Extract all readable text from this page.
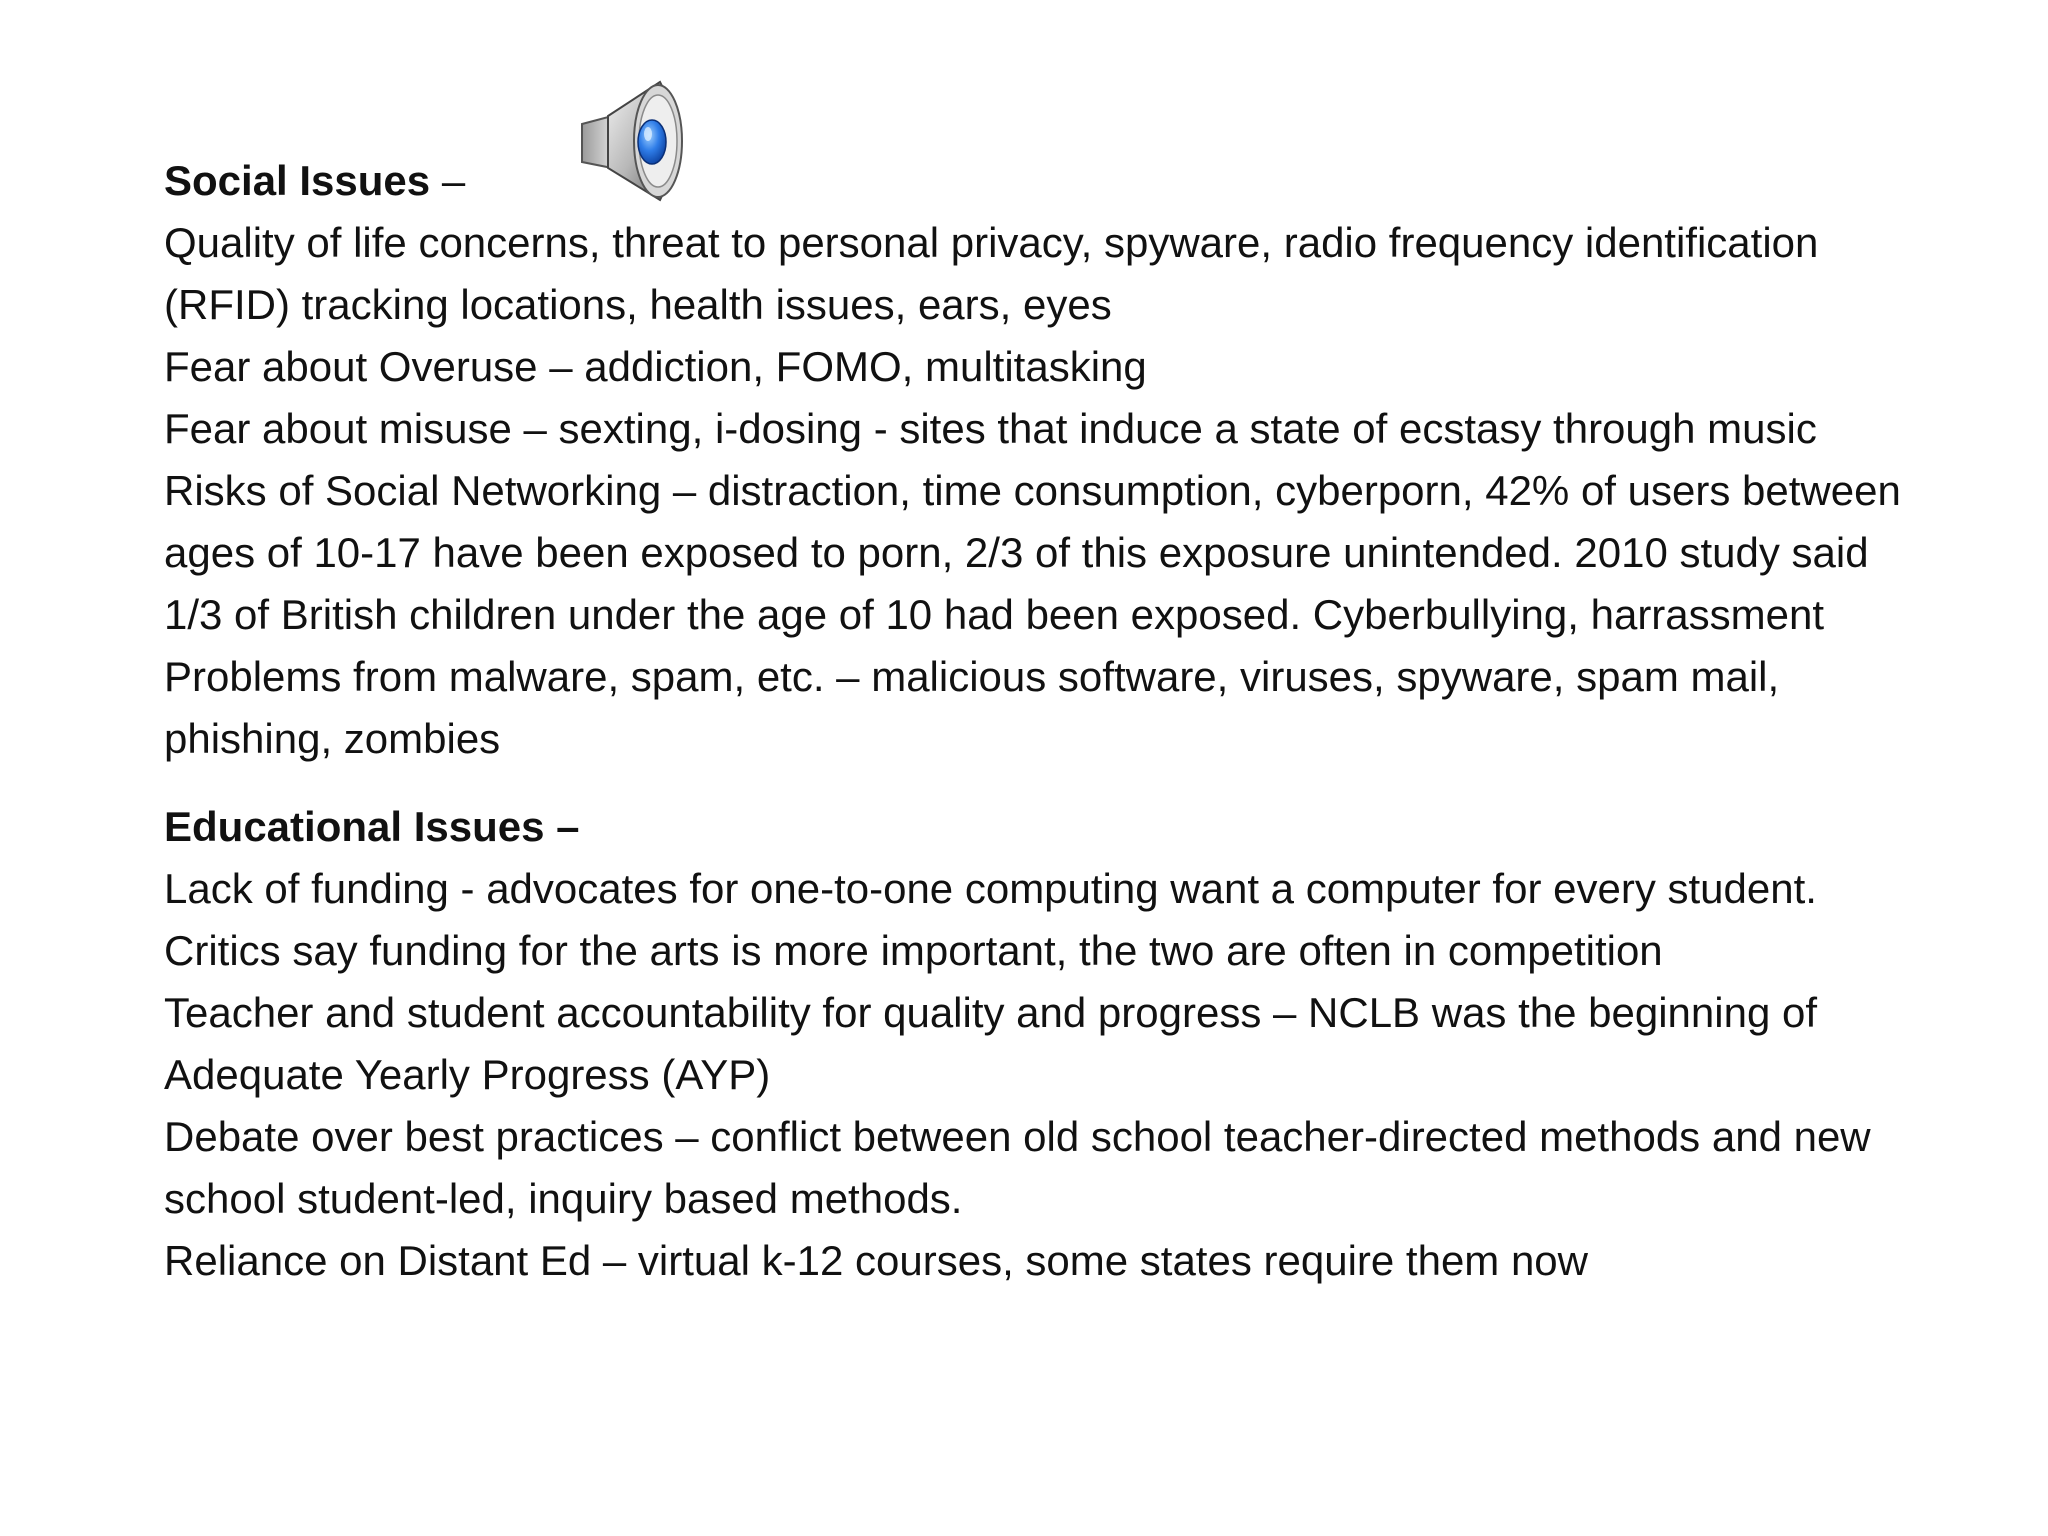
Social Issues –

Quality of life concerns, threat to personal privacy, spyware, radio frequency identification (RFID) tracking locations, health issues, ears, eyes

Fear about Overuse – addiction, FOMO, multitasking

Fear about misuse – sexting, i-dosing - sites that induce a state of ecstasy through music

Risks of Social Networking – distraction, time consumption, cyberporn, 42% of users between ages of 10-17 have been exposed to porn, 2/3 of this exposure unintended. 2010 study said 1/3 of British children under the age of 10 had been exposed. Cyberbullying, harrassment

Problems from malware, spam, etc. – malicious software, viruses, spyware, spam mail, phishing, zombies

Educational Issues –

Lack of funding - advocates for one-to-one computing want a computer for every student. Critics say funding for the arts is more important, the two are often in competition

Teacher and student accountability for quality and progress – NCLB was the beginning of Adequate Yearly Progress (AYP)

Debate over best practices – conflict between old school teacher-directed methods and new school student-led, inquiry based methods.

Reliance on Distant Ed – virtual k-12 courses, some states require them now
